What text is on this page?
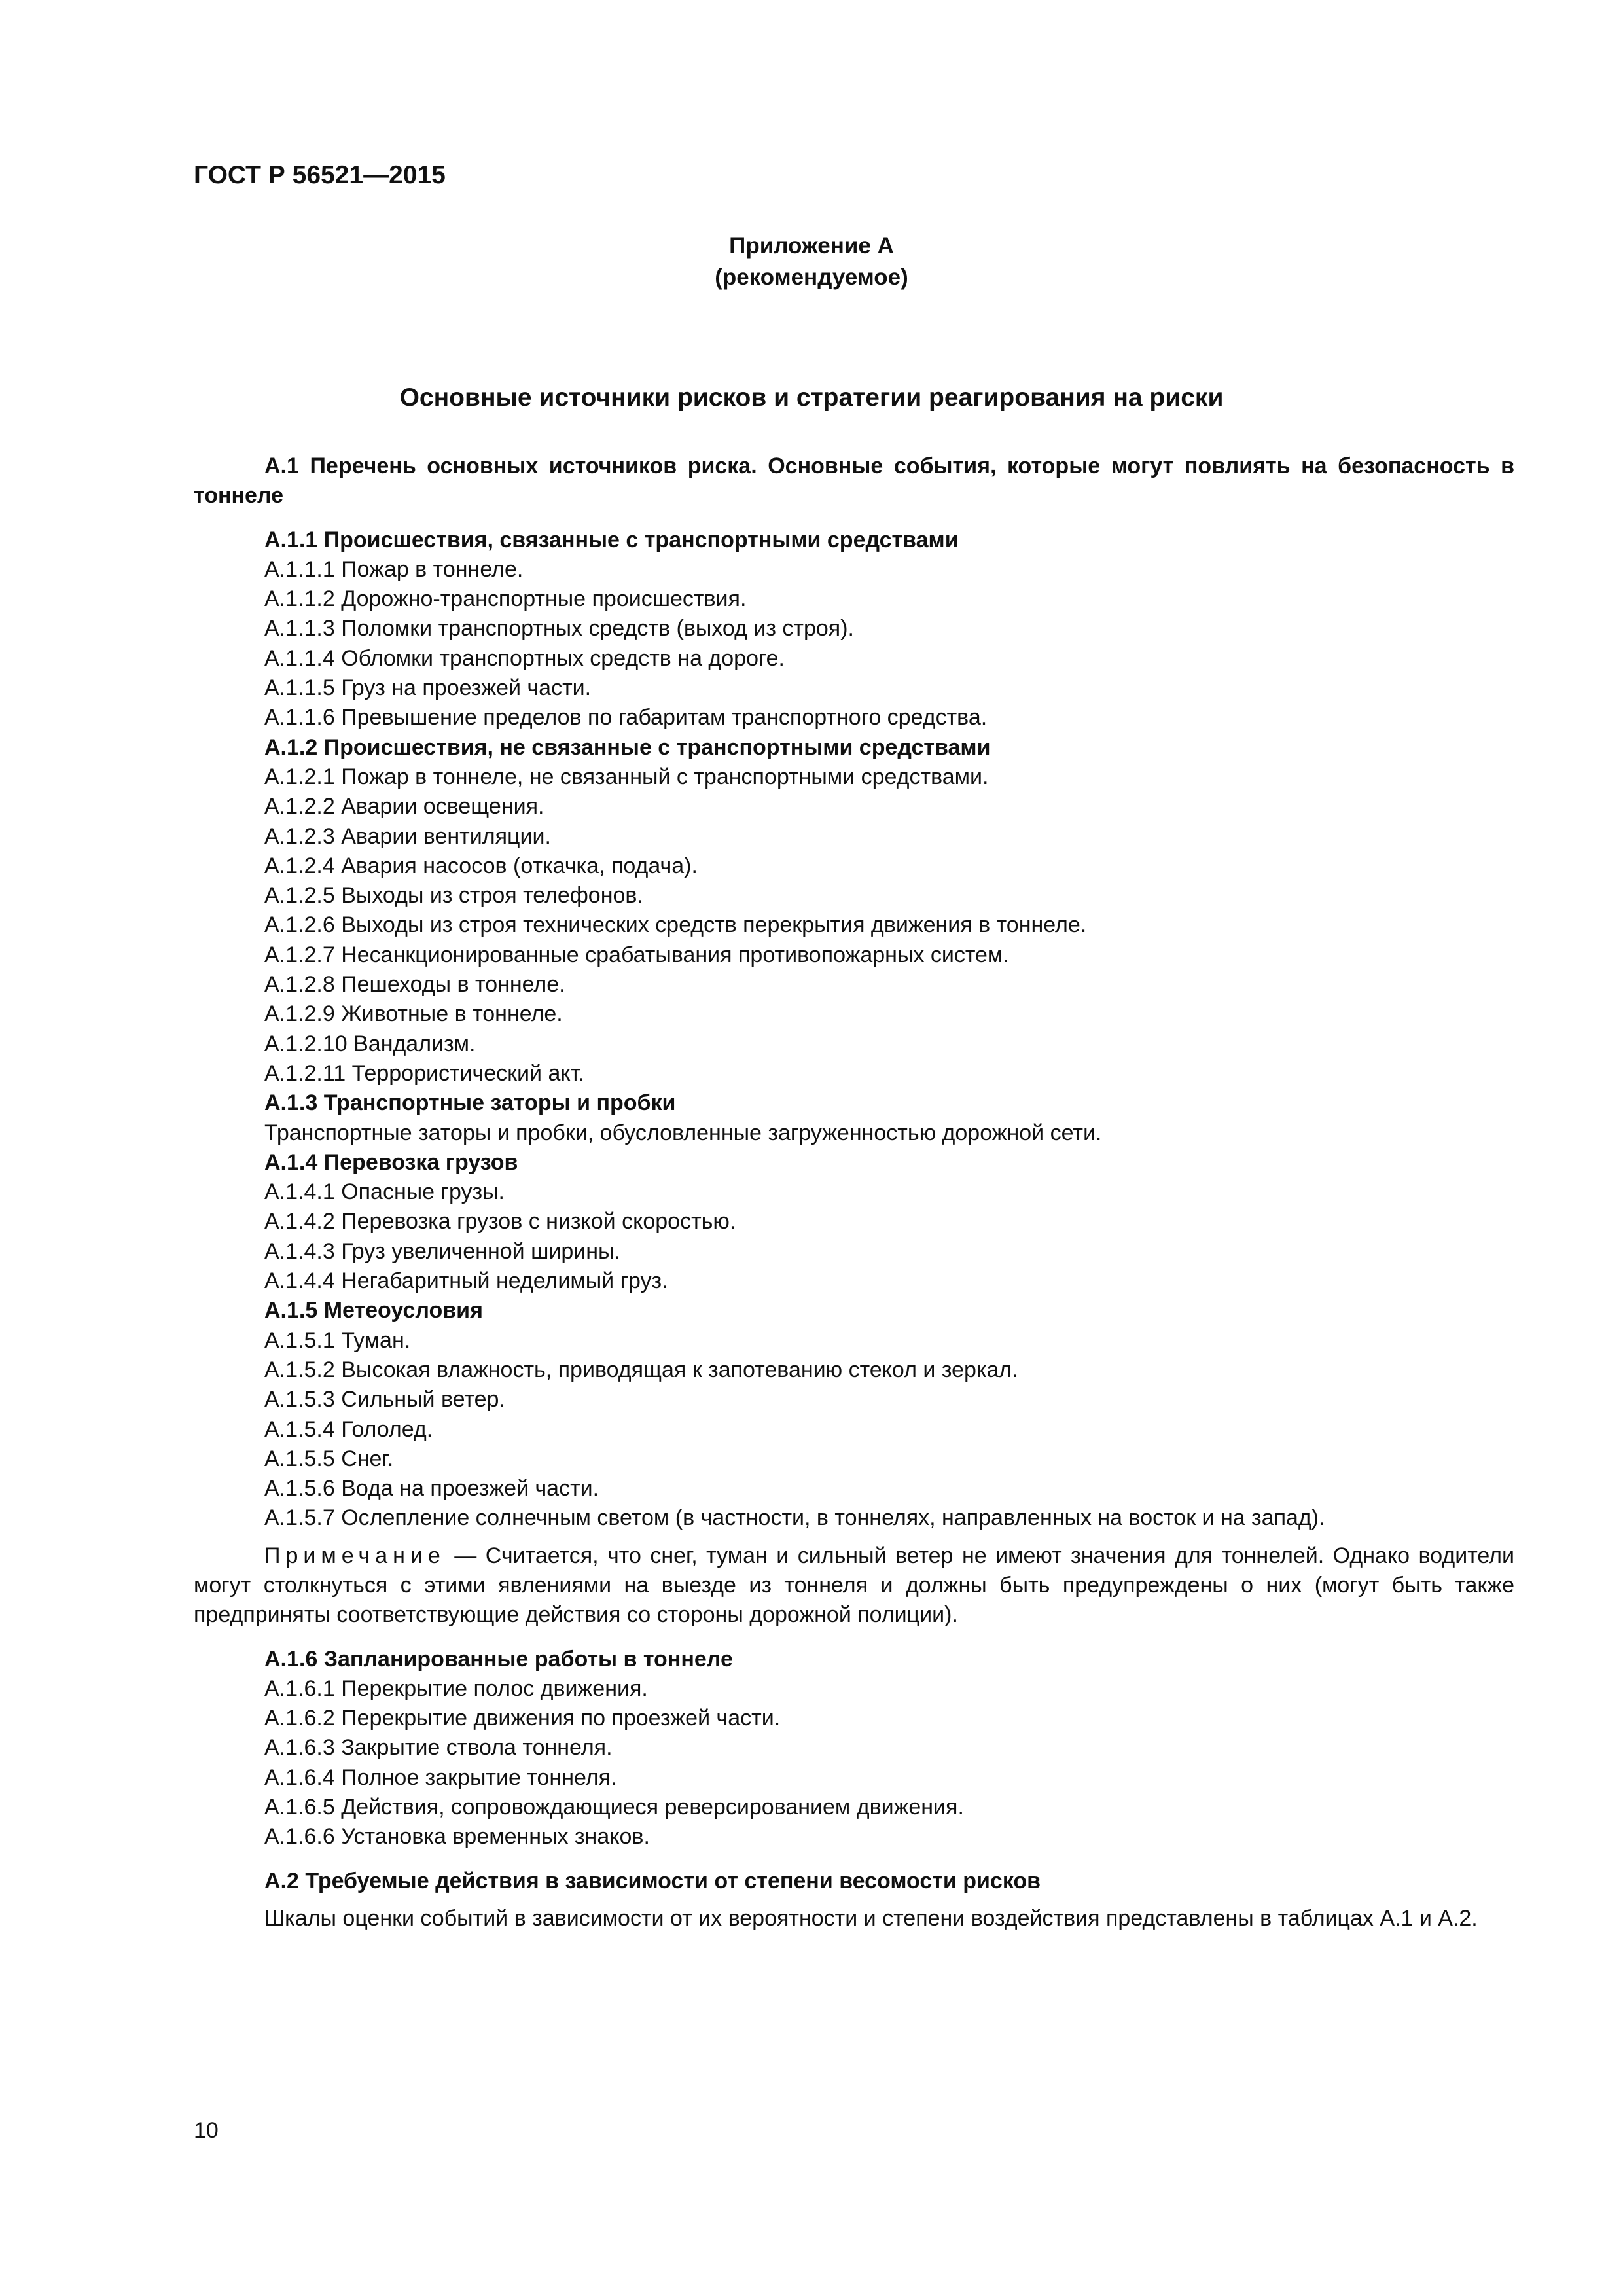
ГОСТ Р 56521—2015
Приложение А
(рекомендуемое)
Основные источники рисков и стратегии реагирования на риски

А.1 Перечень основных источников риска. Основные события, которые могут повлиять на безопасность в тоннеле

А.1.1 Происшествия, связанные с транспортными средствами

А.1.1.1 Пожар в тоннеле.

А.1.1.2 Дорожно-транспортные происшествия.

А.1.1.3 Поломки транспортных средств (выход из строя).

А.1.1.4 Обломки транспортных средств на дороге.

А.1.1.5 Груз на проезжей части.

А.1.1.6 Превышение пределов по габаритам транспортного средства.

А.1.2 Происшествия, не связанные с транспортными средствами

А.1.2.1 Пожар в тоннеле, не связанный с транспортными средствами.

А.1.2.2 Аварии освещения.

А.1.2.3 Аварии вентиляции.

А.1.2.4 Авария насосов (откачка, подача).

А.1.2.5 Выходы из строя телефонов.

А.1.2.6 Выходы из строя технических средств перекрытия движения в тоннеле.

А.1.2.7 Несанкционированные срабатывания противопожарных систем.

А.1.2.8 Пешеходы в тоннеле.

А.1.2.9 Животные в тоннеле.

А.1.2.10 Вандализм.

А.1.2.11 Террористический акт.

А.1.3 Транспортные заторы и пробки

Транспортные заторы и пробки, обусловленные загруженностью дорожной сети.

А.1.4 Перевозка грузов

А.1.4.1 Опасные грузы.

А.1.4.2 Перевозка грузов с низкой скоростью.

А.1.4.3 Груз увеличенной ширины.

А.1.4.4 Негабаритный неделимый груз.

А.1.5 Метеоусловия

А.1.5.1 Туман.

А.1.5.2 Высокая влажность, приводящая к запотеванию стекол и зеркал.

А.1.5.3 Сильный ветер.

А.1.5.4 Гололед.

А.1.5.5 Снег.

А.1.5.6 Вода на проезжей части.

А.1.5.7 Ослепление солнечным светом (в частности, в тоннелях, направленных на восток и на запад).

Примечание — Считается, что снег, туман и сильный ветер не имеют значения для тоннелей. Однако водители могут столкнуться с этими явлениями на выезде из тоннеля и должны быть предупреждены о них (могут быть также предприняты соответствующие действия со стороны дорожной полиции).

А.1.6 Запланированные работы в тоннеле

А.1.6.1 Перекрытие полос движения.

А.1.6.2 Перекрытие движения по проезжей части.

А.1.6.3 Закрытие ствола тоннеля.

А.1.6.4 Полное закрытие тоннеля.

А.1.6.5 Действия, сопровождающиеся реверсированием движения.

А.1.6.6 Установка временных знаков.

А.2 Требуемые действия в зависимости от степени весомости рисков

Шкалы оценки событий в зависимости от их вероятности и степени воздействия представлены в таблицах А.1 и А.2.

10
